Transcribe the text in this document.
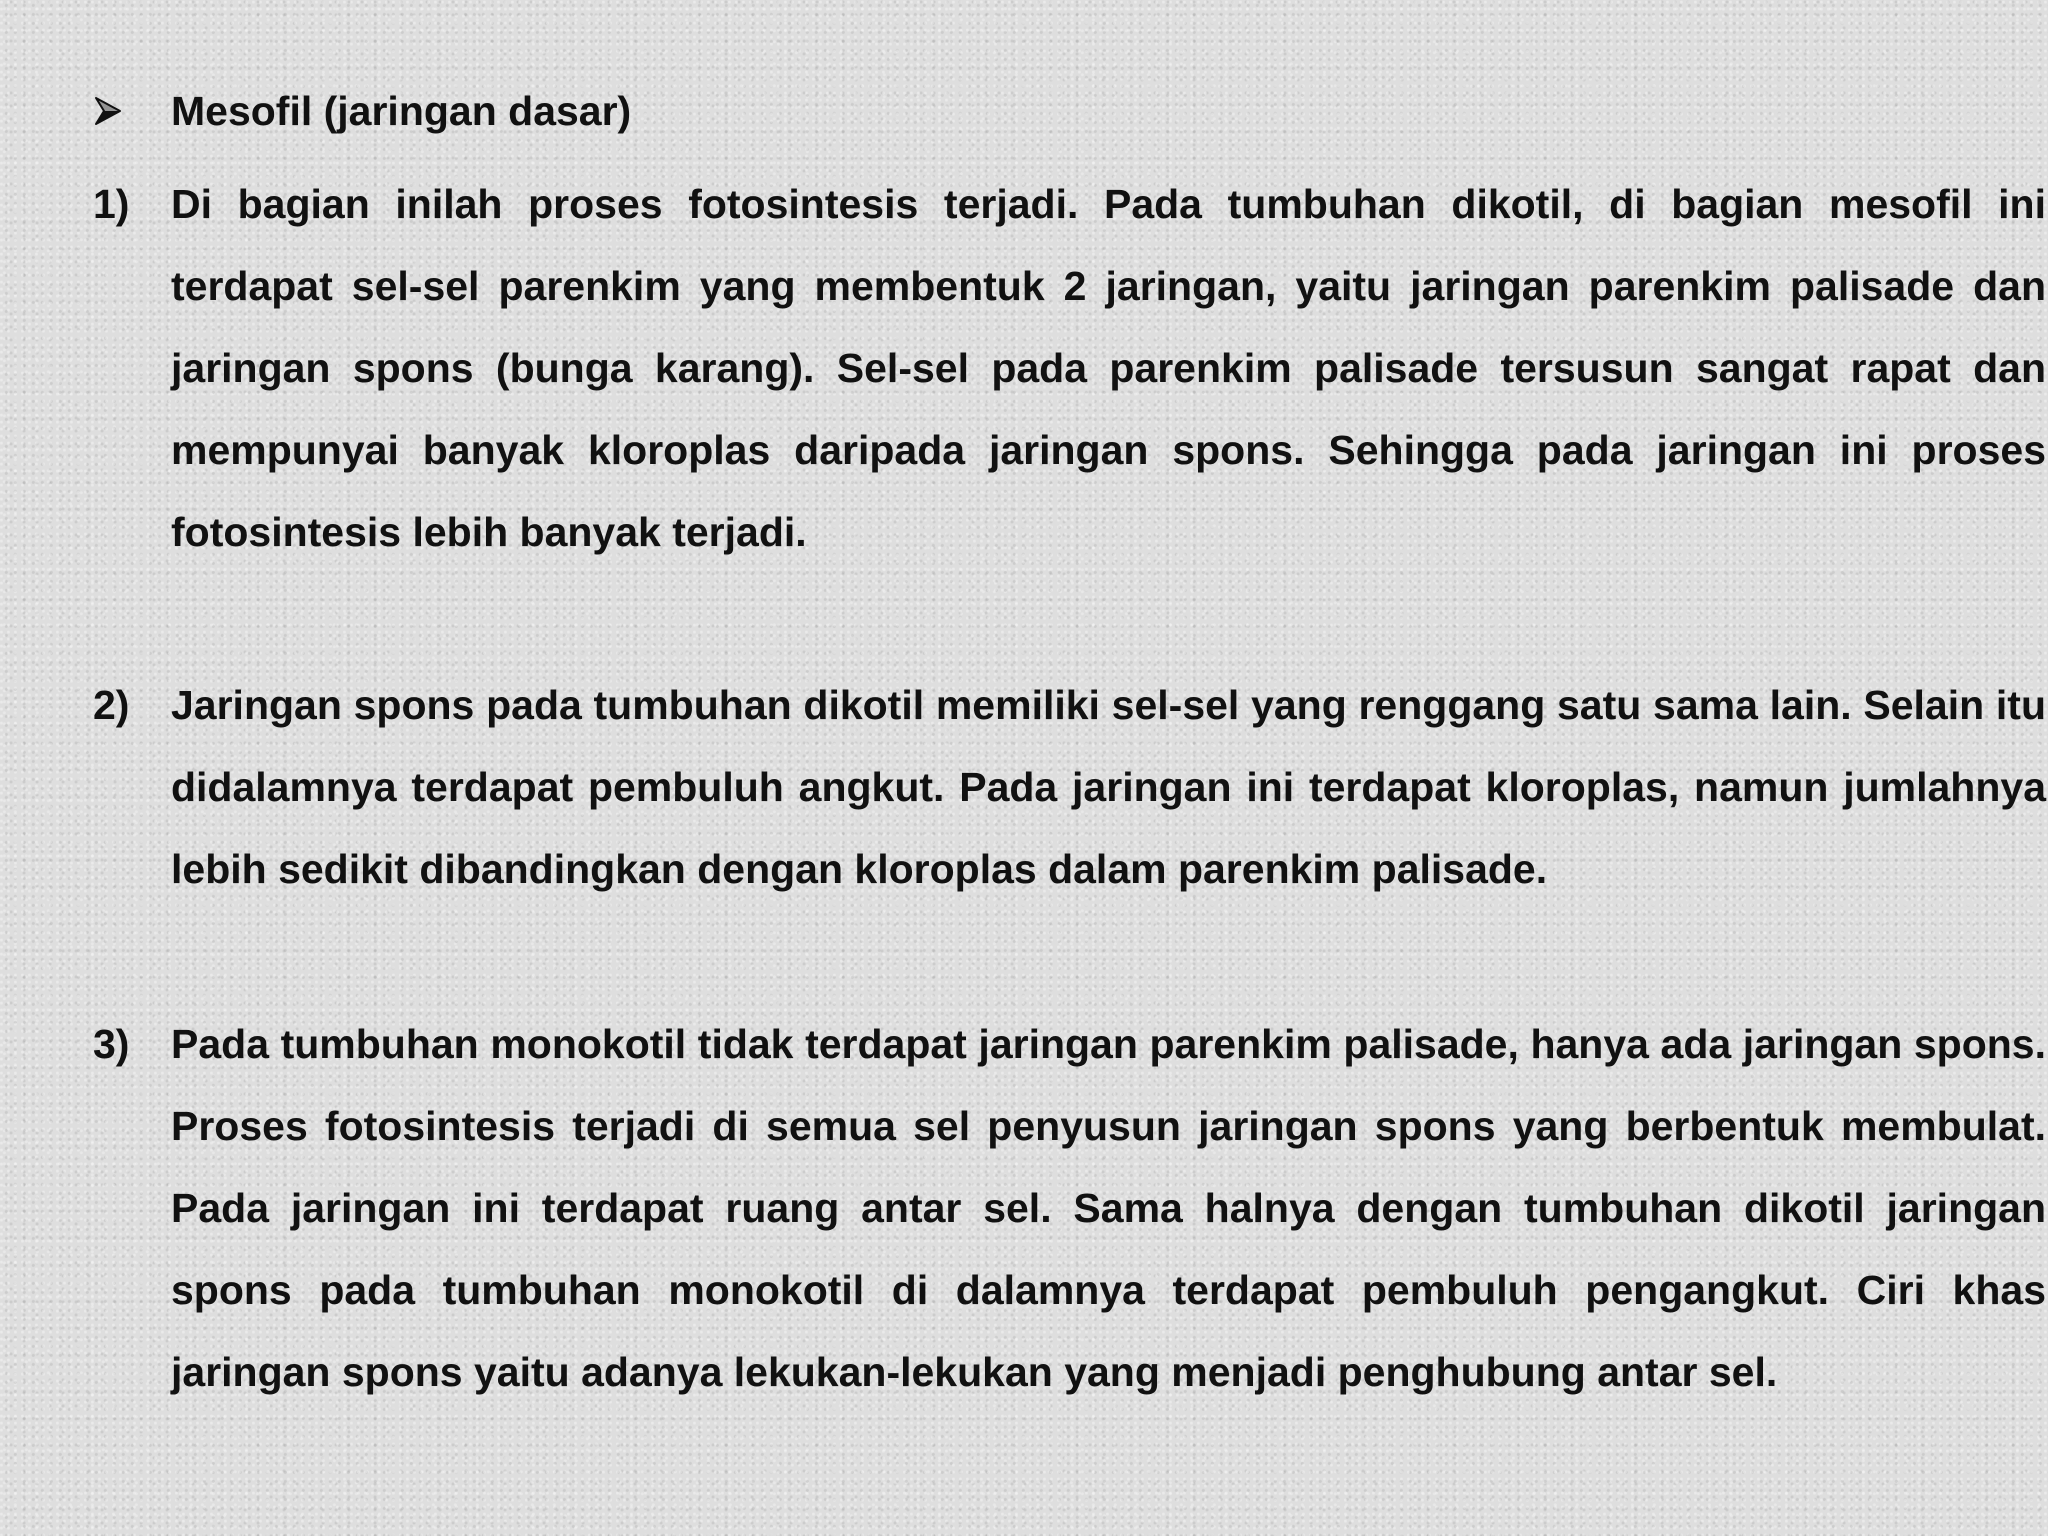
Mesofil (jaringan dasar)

1) Di bagian inilah proses fotosintesis terjadi. Pada tumbuhan dikotil, di bagian mesofil ini terdapat sel-sel parenkim yang membentuk 2 jaringan, yaitu jaringan parenkim palisade dan jaringan spons (bunga karang). Sel-sel pada parenkim palisade tersusun sangat rapat dan mempunyai banyak kloroplas daripada jaringan spons. Sehingga pada jaringan ini proses fotosintesis lebih banyak terjadi.

2) Jaringan spons pada tumbuhan dikotil memiliki sel-sel yang renggang satu sama lain. Selain itu didalamnya terdapat pembuluh angkut. Pada jaringan ini terdapat kloroplas, namun jumlahnya lebih sedikit dibandingkan dengan kloroplas dalam parenkim palisade.

3) Pada tumbuhan monokotil tidak terdapat jaringan parenkim palisade, hanya ada jaringan spons. Proses fotosintesis terjadi di semua sel penyusun jaringan spons yang berbentuk membulat. Pada jaringan ini terdapat ruang antar sel. Sama halnya dengan tumbuhan dikotil jaringan spons pada tumbuhan monokotil di dalamnya terdapat pembuluh pengangkut. Ciri khas jaringan spons yaitu adanya lekukan-lekukan yang menjadi penghubung antar sel.
